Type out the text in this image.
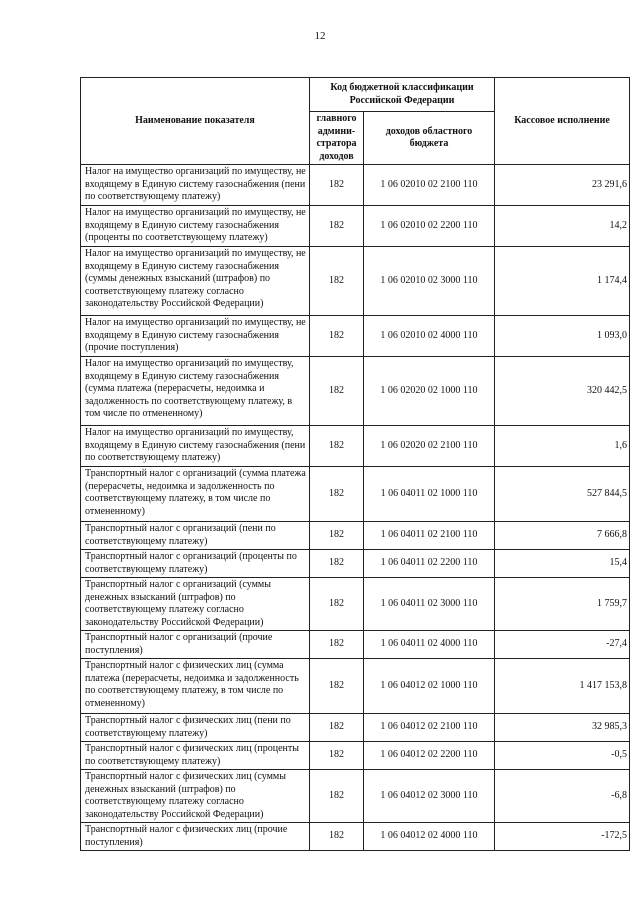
12
Наименование показателя	Код бюджетной классификации Российской Федерации		Кассовое исполнение
	главного админи-стратора доходов	доходов областного бюджета	
Налог на имущество организаций по имуществу, не входящему в Единую систему газоснабжения (пени по соответствующему платежу)	182	1 06 02010 02 2100 110	23 291,6
Налог на имущество организаций по имуществу, не входящему в Единую систему газоснабжения (проценты по соответствующему платежу)	182	1 06 02010 02 2200 110	14,2
Налог на имущество организаций по имуществу, не входящему в Единую систему газоснабжения (суммы денежных взысканий (штрафов) по соответствующему платежу согласно законодательству Российской Федерации)	182	1 06 02010 02 3000 110	1 174,4
Налог на имущество организаций по имуществу, не входящему в Единую систему газоснабжения (прочие поступления)	182	1 06 02010 02 4000 110	1 093,0
Налог на имущество организаций по имуществу, входящему в Единую систему газоснабжения (сумма платежа (перерасчеты, недоимка и задолженность по соответствующему платежу, в том числе по отмененному)	182	1 06 02020 02 1000 110	320 442,5
Налог на имущество организаций по имуществу, входящему в Единую систему газоснабжения (пени по соответствующему платежу)	182	1 06 02020 02 2100 110	1,6
Транспортный налог с организаций (сумма платежа (перерасчеты, недоимка и задолженность по соответствующему платежу, в том числе по отмененному)	182	1 06 04011 02 1000 110	527 844,5
Транспортный налог с организаций (пени по соответствующему платежу)	182	1 06 04011 02 2100 110	7 666,8
Транспортный налог с организаций (проценты по соответствующему платежу)	182	1 06 04011 02 2200 110	15,4
Транспортный налог с организаций (суммы денежных взысканий (штрафов) по соответствующему платежу согласно законодательству Российской Федерации)	182	1 06 04011 02 3000 110	1 759,7
Транспортный налог с организаций (прочие поступления)	182	1 06 04011 02 4000 110	-27,4
Транспортный налог с физических лиц (сумма платежа (перерасчеты, недоимка и задолженность по соответствующему платежу, в том числе по отмененному)	182	1 06 04012 02 1000 110	1 417 153,8
Транспортный налог с физических лиц (пени по соответствующему платежу)	182	1 06 04012 02 2100 110	32 985,3
Транспортный налог с физических лиц (проценты по соответствующему платежу)	182	1 06 04012 02 2200 110	-0,5
Транспортный налог с физических лиц (суммы денежных взысканий (штрафов) по соответствующему платежу согласно законодательству Российской Федерации)	182	1 06 04012 02 3000 110	-6,8
Транспортный налог с физических лиц (прочие поступления)	182	1 06 04012 02 4000 110	-172,5
